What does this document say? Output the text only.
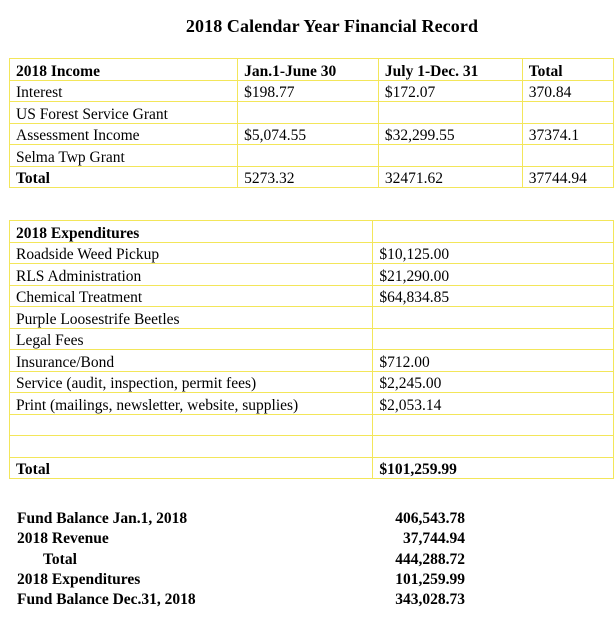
2018 Calendar Year Financial Record
2018 Income	Jan.1-June 30	July 1-Dec. 31	Total
Interest	$198.77	$172.07	370.84
US Forest Service Grant			
Assessment Income	$5,074.55	$32,299.55	37374.1
Selma Twp Grant			
Total	5273.32	32471.62	37744.94
2018 Expenditures	
Roadside Weed Pickup	$10,125.00
RLS Administration	$21,290.00
Chemical Treatment	$64,834.85
Purple Loosestrife Beetles	
Legal Fees	
Insurance/Bond	$712.00
Service (audit, inspection, permit fees)	$2,245.00
Print (mailings, newsletter, website, supplies)	$2,053.14

Total	$101,259.99
Fund Balance Jan.1, 2018	406,543.78
2018 Revenue	37,744.94
Total	444,288.72
2018 Expenditures	101,259.99
Fund Balance Dec.31, 2018	343,028.73
